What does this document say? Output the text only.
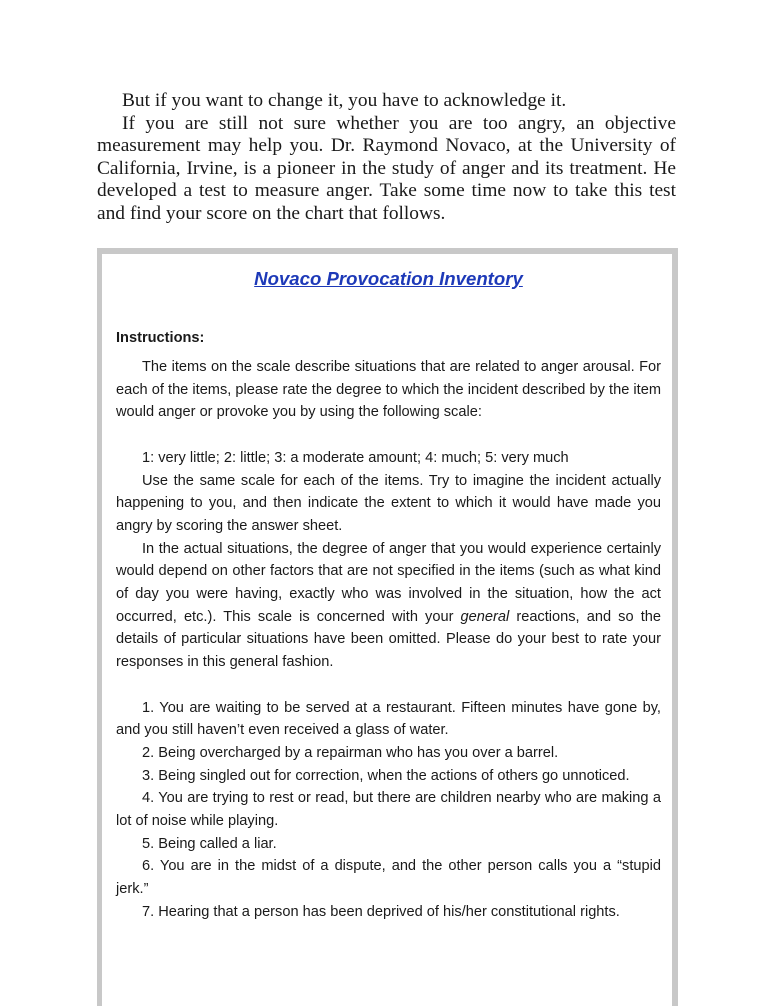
But if you want to change it, you have to acknowledge it.

If you are still not sure whether you are too angry, an objective measurement may help you. Dr. Raymond Novaco, at the University of California, Irvine, is a pioneer in the study of anger and its treatment. He developed a test to measure anger. Take some time now to take this test and find your score on the chart that follows.

Novaco Provocation Inventory
Instructions:

The items on the scale describe situations that are related to anger arousal. For each of the items, please rate the degree to which the incident described by the item would anger or provoke you by using the following scale:

1: very little; 2: little; 3: a moderate amount; 4: much; 5: very much

Use the same scale for each of the items. Try to imagine the incident actually happening to you, and then indicate the extent to which it would have made you angry by scoring the answer sheet.

In the actual situations, the degree of anger that you would experience certainly would depend on other factors that are not specified in the items (such as what kind of day you were having, exactly who was involved in the situation, how the act occurred, etc.). This scale is concerned with your general reactions, and so the details of particular situations have been omitted. Please do your best to rate your responses in this general fashion.

1. You are waiting to be served at a restaurant. Fifteen minutes have gone by, and you still haven’t even received a glass of water.

2. Being overcharged by a repairman who has you over a barrel.

3. Being singled out for correction, when the actions of others go unnoticed.

4. You are trying to rest or read, but there are children nearby who are making a lot of noise while playing.

5. Being called a liar.

6. You are in the midst of a dispute, and the other person calls you a “stupid jerk.”

7. Hearing that a person has been deprived of his/her constitutional rights.
